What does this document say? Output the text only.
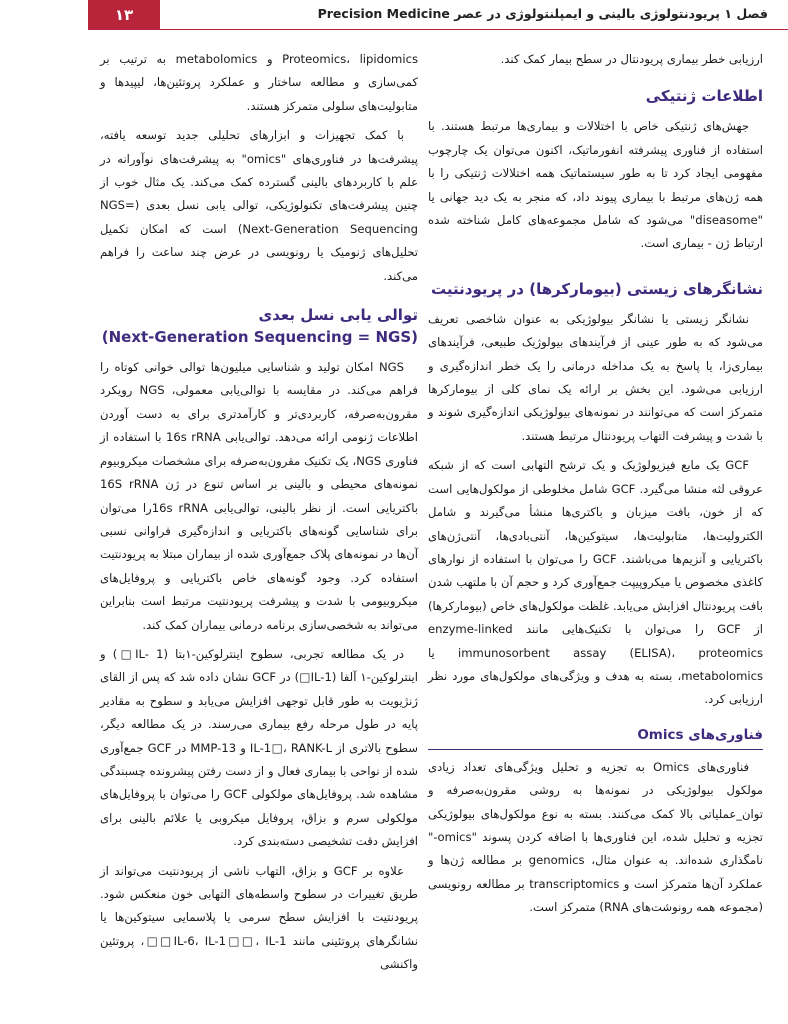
۱۳	فصل ۱ پریودنتولوژی بالینی و ایمپلنتولوژی در عصر Precision Medicine

ارزیابی خطر بیماری پریودنتال در سطح بیمار کمک کند.

اطلاعات ژنتیکی

جهش‌های ژنتیکی خاص با اختلالات و بیماری‌ها مرتبط هستند. با استفاده از فناوری پیشرفته انفورماتیک، اکنون می‌توان یک چارچوب مفهومی ایجاد کرد تا به طور سیستماتیک همه اختلالات ژنتیکی را با همه ژن‌های مرتبط با بیماری پیوند داد، که منجر به یک دید جهانی یا "diseasome" می‌شود که شامل مجموعه‌های کامل شناخته شده ارتباط ژن - بیماری است.

نشانگرهای زیستی (بیومارکرها) در پریودنتیت

نشانگر زیستی یا نشانگر بیولوژیکی به عنوان شاخصی تعریف می‌شود که به طور عینی از فرآیندهای بیولوژیک طبیعی، فرآیندهای بیماری‌زا، یا پاسخ به یک مداخله درمانی را یک خطر اندازه‌گیری و ارزیابی می‌شود. این بخش بر ارائه یک نمای کلی از بیومارکرها متمرکز است که می‌توانند در نمونه‌های بیولوژیکی اندازه‌گیری شوند و با شدت و پیشرفت التهاب پریودنتال مرتبط هستند.

GCF یک مایع فیزیولوژیک و یک ترشح التهابی است که از شبکه عروقی لثه منشا می‌گیرد. GCF شامل مخلوطی از مولکول‌هایی است که از خون، بافت میزبان و باکتری‌ها منشأ می‌گیرند و شامل الکترولیت‌ها، متابولیت‌ها، سیتوکین‌ها، آنتی‌بادی‌ها، آنتی‌ژن‌های باکتریایی و آنزیم‌ها می‌باشند. GCF را می‌توان با استفاده از نوارهای کاغذی مخصوص یا میکروپیپت جمع‌آوری کرد و حجم آن با ملتهب شدن بافت پریودنتال افزایش می‌یابد. غلظت مولکول‌های خاص (بیومارکرها) از GCF را می‌توان با تکنیک‌هایی مانند enzyme-linked immunosorbent assay (ELISA)، proteomics یا metabolomics، بسته به هدف و ویژگی‌های مولکول‌های مورد نظر ارزیابی کرد.

فناوری‌های Omics

فناوری‌های Omics به تجزیه و تحلیل ویژگی‌های تعداد زیادی مولکول بیولوژیکی در نمونه‌ها به روشی مقرون‌به‌صرفه و توان_عملیاتی بالا کمک می‌کنند. بسته به نوع مولکول‌های بیولوژیکی تجزیه و تحلیل شده، این فناوری‌ها با اضافه کردن پسوند "omics-" نامگذاری شده‌اند. به عنوان مثال، genomics بر مطالعه ژن‌ها و عملکرد آن‌ها متمرکز است و transcriptomics بر مطالعه رونویسی (مجموعه همه رونوشت‌های RNA) متمرکز است.

Proteomics، lipidomics و metabolomics به ترتیب بر کمی‌سازی و مطالعه ساختار و عملکرد پروتئین‌ها، لیپیدها و متابولیت‌های سلولی متمرکز هستند.

با کمک تجهیزات و ابزارهای تحلیلی جدید توسعه یافته، پیشرفت‌ها در فناوری‌های "omics" به پیشرفت‌های نوآورانه در علم با کاربردهای بالینی گسترده کمک می‌کند. یک مثال خوب از چنین پیشرفت‌های تکنولوژیکی، توالی یابی نسل بعدی (NGS= Next-Generation Sequencing) است که امکان تکمیل تحلیل‌های ژنومیک یا رونویسی در عرض چند ساعت را فراهم می‌کند.

توالی یابی نسل بعدی
(Next-Generation Sequencing = NGS)

NGS امکان تولید و شناسایی میلیون‌ها توالی خوانی کوتاه را فراهم می‌کند. در مقایسه با توالی‌یابی معمولی، NGS رویکرد مقرون‌به‌صرفه، کاربردی‌تر و کارآمدتری برای به دست آوردن اطلاعات ژنومی ارائه می‌دهد. توالی‌یابی 16s rRNA با استفاده از فناوری NGS، یک تکنیک مقرون‌به‌صرفه برای مشخصات میکروبیوم نمونه‌های محیطی و بالینی بر اساس تنوع در ژن 16S rRNA باکتریایی است. از نظر بالینی، توالی‌یابی 16s rRNAرا می‌توان برای شناسایی گونه‌های باکتریایی و اندازه‌گیری فراوانی نسبی آن‌ها در نمونه‌های پلاک جمع‌آوری شده از بیماران مبتلا به پریودنتیت استفاده کرد. وجود گونه‌های خاص باکتریایی و پروفایل‌های میکروبیومی با شدت و پیشرفت پریودنتیت مرتبط است بنابراین می‌تواند به شخصی‌سازی برنامه درمانی بیماران کمک کند.

در یک مطالعه تجربی، سطوح اینترلوکین-۱بتا (IL- 1□) و اینترلوکین-۱ آلفا (IL-1□) در GCF نشان داده شد که پس از القای ژنژیویت به طور قابل توجهی افزایش می‌یابد و سطوح به مقادیر پایه در طول مرحله رفع بیماری می‌رسند. در یک مطالعه دیگر، سطوح بالاتری از IL-1□، RANK-L و MMP-13 در GCF جمع‌آوری شده از نواحی با بیماری فعال و از دست رفتن پیشرونده چسبندگی مشاهده شد. پروفایل‌های مولکولی GCF را می‌توان با پروفایل‌های مولکولی سرم و بزاق، پروفایل میکروبی یا علائم بالینی برای افزایش دقت تشخیصی دسته‌بندی کرد.

علاوه بر GCF و بزاق، التهاب ناشی از پریودنتیت می‌تواند از طریق تغییرات در سطوح واسطه‌های التهابی خون منعکس شود. پریودنتیت با افزایش سطح سرمی یا پلاسمایی سیتوکین‌ها یا نشانگرهای پروتئینی مانند IL-6، IL-1□□، IL-1□□، پروتئین واکنشی
